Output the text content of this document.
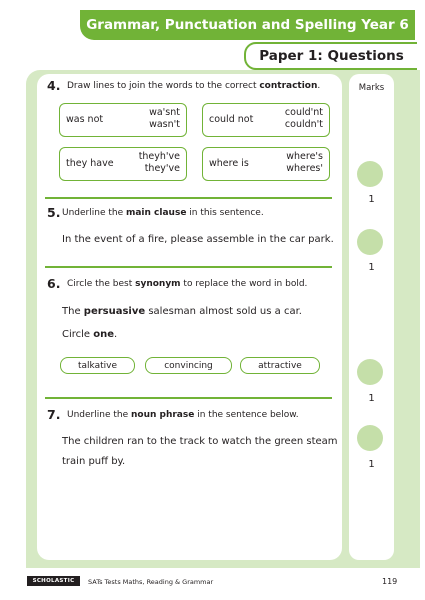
Grammar, Punctuation and Spelling Year 6
Paper 1: Questions
Marks
1
1
1
1
4. Draw lines to join the words to the correct contraction.
was not
wa'snt
wasn't	could not
could'nt
couldn't
they have
theyh've
they've	where is
where's
wheres'
5. Underline the main clause in this sentence.
In the event of a fire, please assemble in the car park.
6. Circle the best synonym to replace the word in bold.
The persuasive salesman almost sold us a car.
Circle one.
talkative	convincing	attractive
7. Underline the noun phrase in the sentence below.
The children ran to the track to watch the green steam
train puff by.
SCHOLASTIC	SATs Tests Maths, Reading & Grammar	119
